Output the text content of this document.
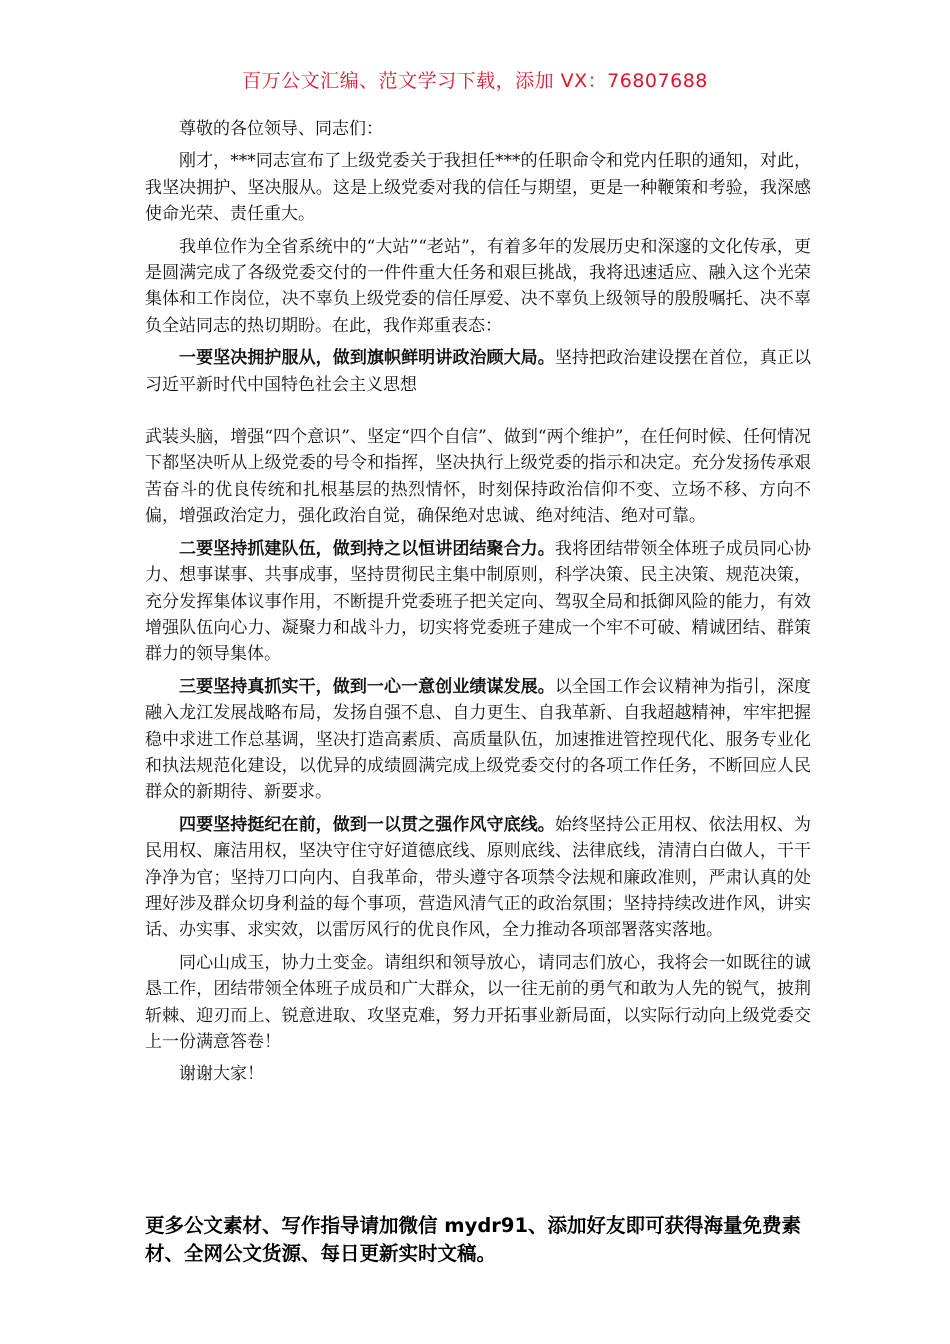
百万公文汇编、范文学习下载，添加 VX：76807688

尊敬的各位领导、同志们：

刚才，***同志宣布了上级党委关于我担任***的任职命令和党内任职的通知，对此，我坚决拥护、坚决服从。这是上级党委对我的信任与期望，更是一种鞭策和考验，我深感使命光荣、责任重大。

我单位作为全省系统中的“大站”“老站”，有着多年的发展历史和深邃的文化传承，更是圆满完成了各级党委交付的一件件重大任务和艰巨挑战，我将迅速适应、融入这个光荣集体和工作岗位，决不辜负上级党委的信任厚爱、决不辜负上级领导的殷殷嘱托、决不辜负全站同志的热切期盼。在此，我作郑重表态：

一要坚决拥护服从，做到旗帜鲜明讲政治顾大局。坚持把政治建设摆在首位，真正以习近平新时代中国特色社会主义思想
武装头脑，增强“四个意识”、坚定“四个自信”、做到“两个维护”，在任何时候、任何情况下都坚决听从上级党委的号令和指挥，坚决执行上级党委的指示和决定。充分发扬传承艰苦奋斗的优良传统和扎根基层的热烈情怀，时刻保持政治信仰不变、立场不移、方向不偏，增强政治定力，强化政治自觉，确保绝对忠诚、绝对纯洁、绝对可靠。

二要坚持抓建队伍，做到持之以恒讲团结聚合力。我将团结带领全体班子成员同心协力、想事谋事、共事成事，坚持贯彻民主集中制原则，科学决策、民主决策、规范决策，充分发挥集体议事作用，不断提升党委班子把关定向、驾驭全局和抵御风险的能力，有效增强队伍向心力、凝聚力和战斗力，切实将党委班子建成一个牢不可破、精诚团结、群策群力的领导集体。

三要坚持真抓实干，做到一心一意创业绩谋发展。以全国工作会议精神为指引，深度融入龙江发展战略布局，发扬自强不息、自力更生、自我革新、自我超越精神，牢牢把握稳中求进工作总基调，坚决打造高素质、高质量队伍，加速推进管控现代化、服务专业化和执法规范化建设，以优异的成绩圆满完成上级党委交付的各项工作任务，不断回应人民群众的新期待、新要求。

四要坚持挺纪在前，做到一以贯之强作风守底线。始终坚持公正用权、依法用权、为民用权、廉洁用权，坚决守住守好道德底线、原则底线、法律底线，清清白白做人，干干净净为官；坚持刀口向内、自我革命，带头遵守各项禁令法规和廉政准则，严肃认真的处理好涉及群众切身利益的每个事项，营造风清气正的政治氛围；坚持持续改进作风，讲实话、办实事、求实效，以雷厉风行的优良作风，全力推动各项部署落实落地。

同心山成玉，协力土变金。请组织和领导放心，请同志们放心，我将会一如既往的诚恳工作，团结带领全体班子成员和广大群众，以一往无前的勇气和敢为人先的锐气，披荆斩棘、迎刃而上、锐意进取、攻坚克难，努力开拓事业新局面，以实际行动向上级党委交上一份满意答卷！

谢谢大家！

更多公文素材、写作指导请加微信 mydr91、添加好友即可获得海量免费素材、全网公文货源、每日更新实时文稿。
